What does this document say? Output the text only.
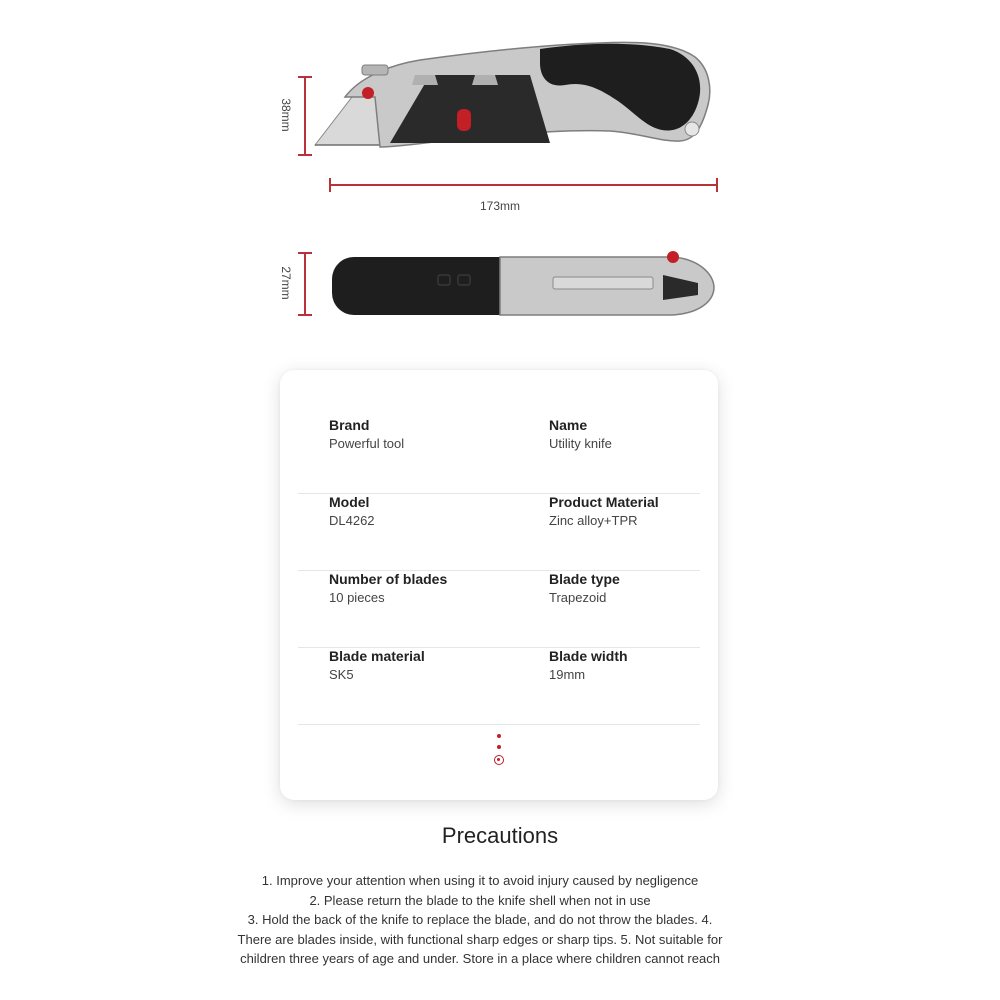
38mm
173mm
27mm
Brand
Powerful tool
Name
Utility knife
Model
DL4262
Product Material
Zinc alloy+TPR
Number of blades
10 pieces
Blade type
Trapezoid
Blade material
SK5
Blade width
19mm
Precautions
1. Improve your attention when using it to avoid injury caused by negligence
2. Please return the blade to the knife shell when not in use
3. Hold the back of the knife to replace the blade, and do not throw the blades. 4.
There are blades inside, with functional sharp edges or sharp tips. 5. Not suitable for
children three years of age and under. Store in a place where children cannot reach
